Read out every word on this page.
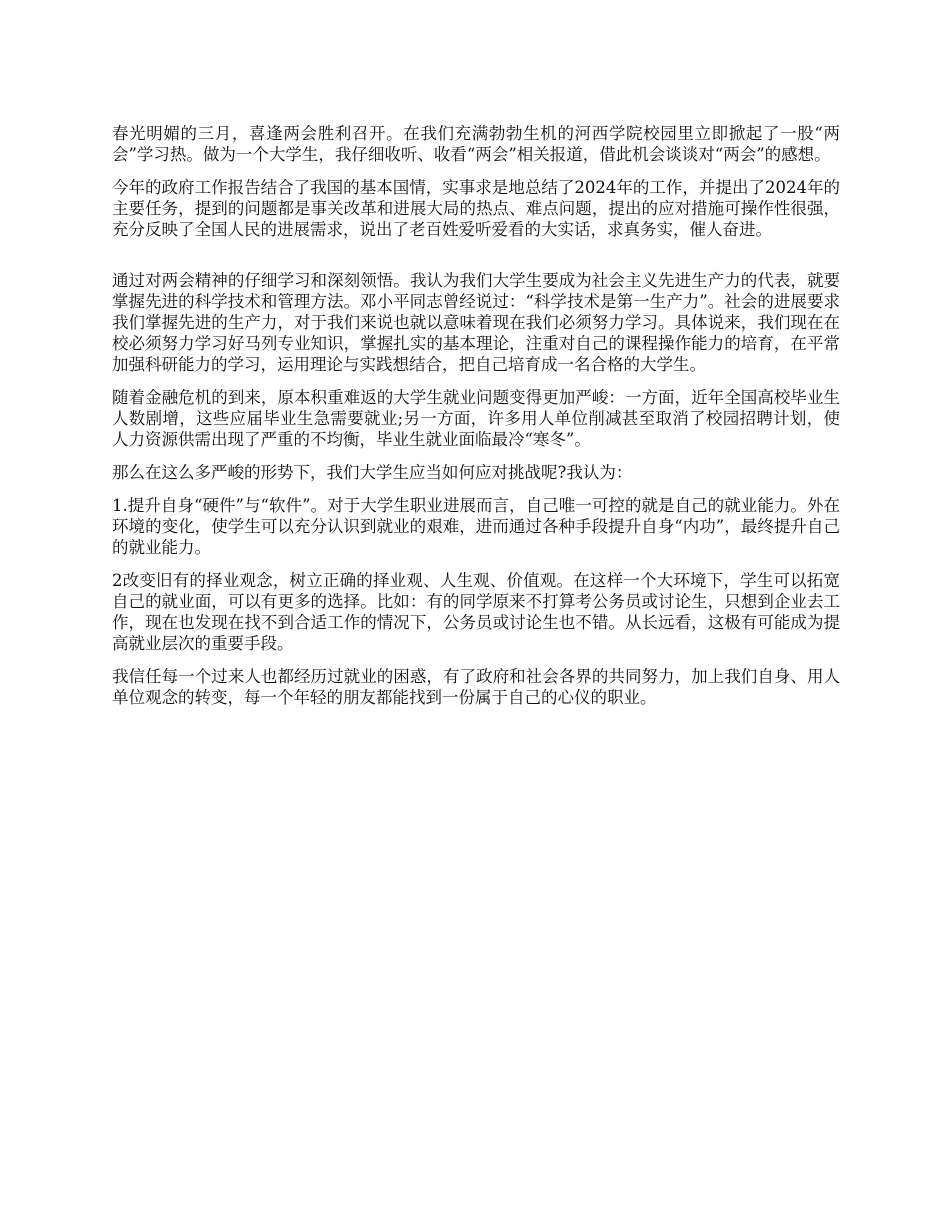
春光明媚的三月，喜逢两会胜利召开。在我们充满勃勃生机的河西学院校园里立即掀起了一股“两会”学习热。做为一个大学生，我仔细收听、收看“两会”相关报道，借此机会谈谈对“两会”的感想。

今年的政府工作报告结合了我国的基本国情，实事求是地总结了2024年的工作，并提出了2024年的主要任务，提到的问题都是事关改革和进展大局的热点、难点问题，提出的应对措施可操作性很强，充分反映了全国人民的进展需求，说出了老百姓爱听爱看的大实话，求真务实，催人奋进。

通过对两会精神的仔细学习和深刻领悟。我认为我们大学生要成为社会主义先进生产力的代表，就要掌握先进的科学技术和管理方法。邓小平同志曾经说过：“科学技术是第一生产力”。社会的进展要求我们掌握先进的生产力，对于我们来说也就以意味着现在我们必须努力学习。具体说来，我们现在在校必须努力学习好马列专业知识，掌握扎实的基本理论，注重对自己的课程操作能力的培育，在平常加强科研能力的学习，运用理论与实践想结合，把自己培育成一名合格的大学生。

随着金融危机的到来，原本积重难返的大学生就业问题变得更加严峻：一方面，近年全国高校毕业生人数剧增，这些应届毕业生急需要就业;另一方面，许多用人单位削减甚至取消了校园招聘计划，使人力资源供需出现了严重的不均衡，毕业生就业面临最冷“寒冬”。

那么在这么多严峻的形势下，我们大学生应当如何应对挑战呢?我认为：

1.提升自身“硬件”与“软件”。对于大学生职业进展而言，自己唯一可控的就是自己的就业能力。外在环境的变化，使学生可以充分认识到就业的艰难，进而通过各种手段提升自身“内功”，最终提升自己的就业能力。

2改变旧有的择业观念，树立正确的择业观、人生观、价值观。在这样一个大环境下，学生可以拓宽自己的就业面，可以有更多的选择。比如：有的同学原来不打算考公务员或讨论生，只想到企业去工作，现在也发现在找不到合适工作的情况下，公务员或讨论生也不错。从长远看，这极有可能成为提高就业层次的重要手段。

我信任每一个过来人也都经历过就业的困惑，有了政府和社会各界的共同努力，加上我们自身、用人单位观念的转变，每一个年轻的朋友都能找到一份属于自己的心仪的职业。
